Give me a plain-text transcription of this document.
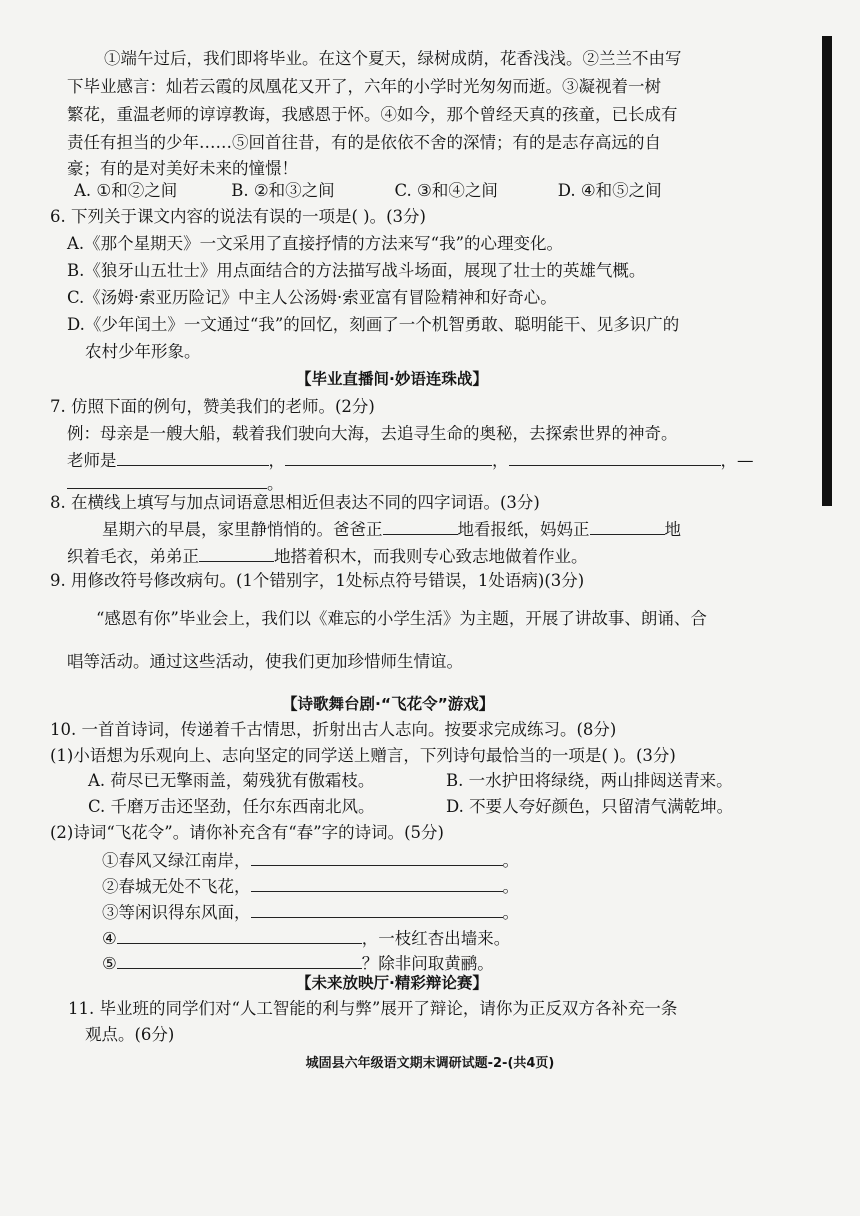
①端午过后，我们即将毕业。在这个夏天，绿树成荫，花香浅浅。②兰兰不由写
下毕业感言：灿若云霞的凤凰花又开了，六年的小学时光匆匆而逝。③凝视着一树
繁花，重温老师的谆谆教诲，我感恩于怀。④如今，那个曾经天真的孩童，已长成有
责任有担当的少年……⑤回首往昔，有的是依依不舍的深情；有的是志存高远的自
豪；有的是对美好未来的憧憬！
A. ①和②之间	B. ②和③之间	C. ③和④之间	D. ④和⑤之间
6. 下列关于课文内容的说法有误的一项是( )。(3分)
A.《那个星期天》一文采用了直接抒情的方法来写“我”的心理变化。
B.《狼牙山五壮士》用点面结合的方法描写战斗场面，展现了壮士的英雄气概。
C.《汤姆·索亚历险记》中主人公汤姆·索亚富有冒险精神和好奇心。
D.《少年闰土》一文通过“我”的回忆，刻画了一个机智勇敢、聪明能干、见多识广的
农村少年形象。
【毕业直播间·妙语连珠战】
7. 仿照下面的例句，赞美我们的老师。(2分)
例：母亲是一艘大船，载着我们驶向大海，去追寻生命的奥秘，去探索世界的神奇。
老师是	，	，	，—
。
8. 在横线上填写与加点词语意思相近但表达不同的四字词语。(3分)
星期六的早晨，家里静悄悄的。爸爸正	地看报纸，妈妈正	地
织着毛衣，弟弟正	地搭着积木，而我则专心致志地做着作业。
9. 用修改符号修改病句。(1个错别字，1处标点符号错误，1处语病)(3分)
“感恩有你”毕业会上，我们以《难忘的小学生活》为主题，开展了讲故事、朗诵、合
唱等活动。通过这些活动，使我们更加珍惜师生情谊。
【诗歌舞台剧·“飞花令”游戏】
10. 一首首诗词，传递着千古情思，折射出古人志向。按要求完成练习。(8分)
(1)小语想为乐观向上、志向坚定的同学送上赠言，下列诗句最恰当的一项是( )。(3分)
A. 荷尽已无擎雨盖，菊残犹有傲霜枝。	B. 一水护田将绿绕，两山排闼送青来。
C. 千磨万击还坚劲，任尔东西南北风。	D. 不要人夸好颜色，只留清气满乾坤。
(2)诗词“飞花令”。请你补充含有“春”字的诗词。(5分)
①春风又绿江南岸，	。
②春城无处不飞花，	。
③等闲识得东风面，	。
④	，一枝红杏出墙来。
⑤	？除非问取黄鹂。
【未来放映厅·精彩辩论赛】
11. 毕业班的同学们对“人工智能的利与弊”展开了辩论，请你为正反双方各补充一条
观点。(6分)
城固县六年级语文期末调研试题-2-(共4页)
